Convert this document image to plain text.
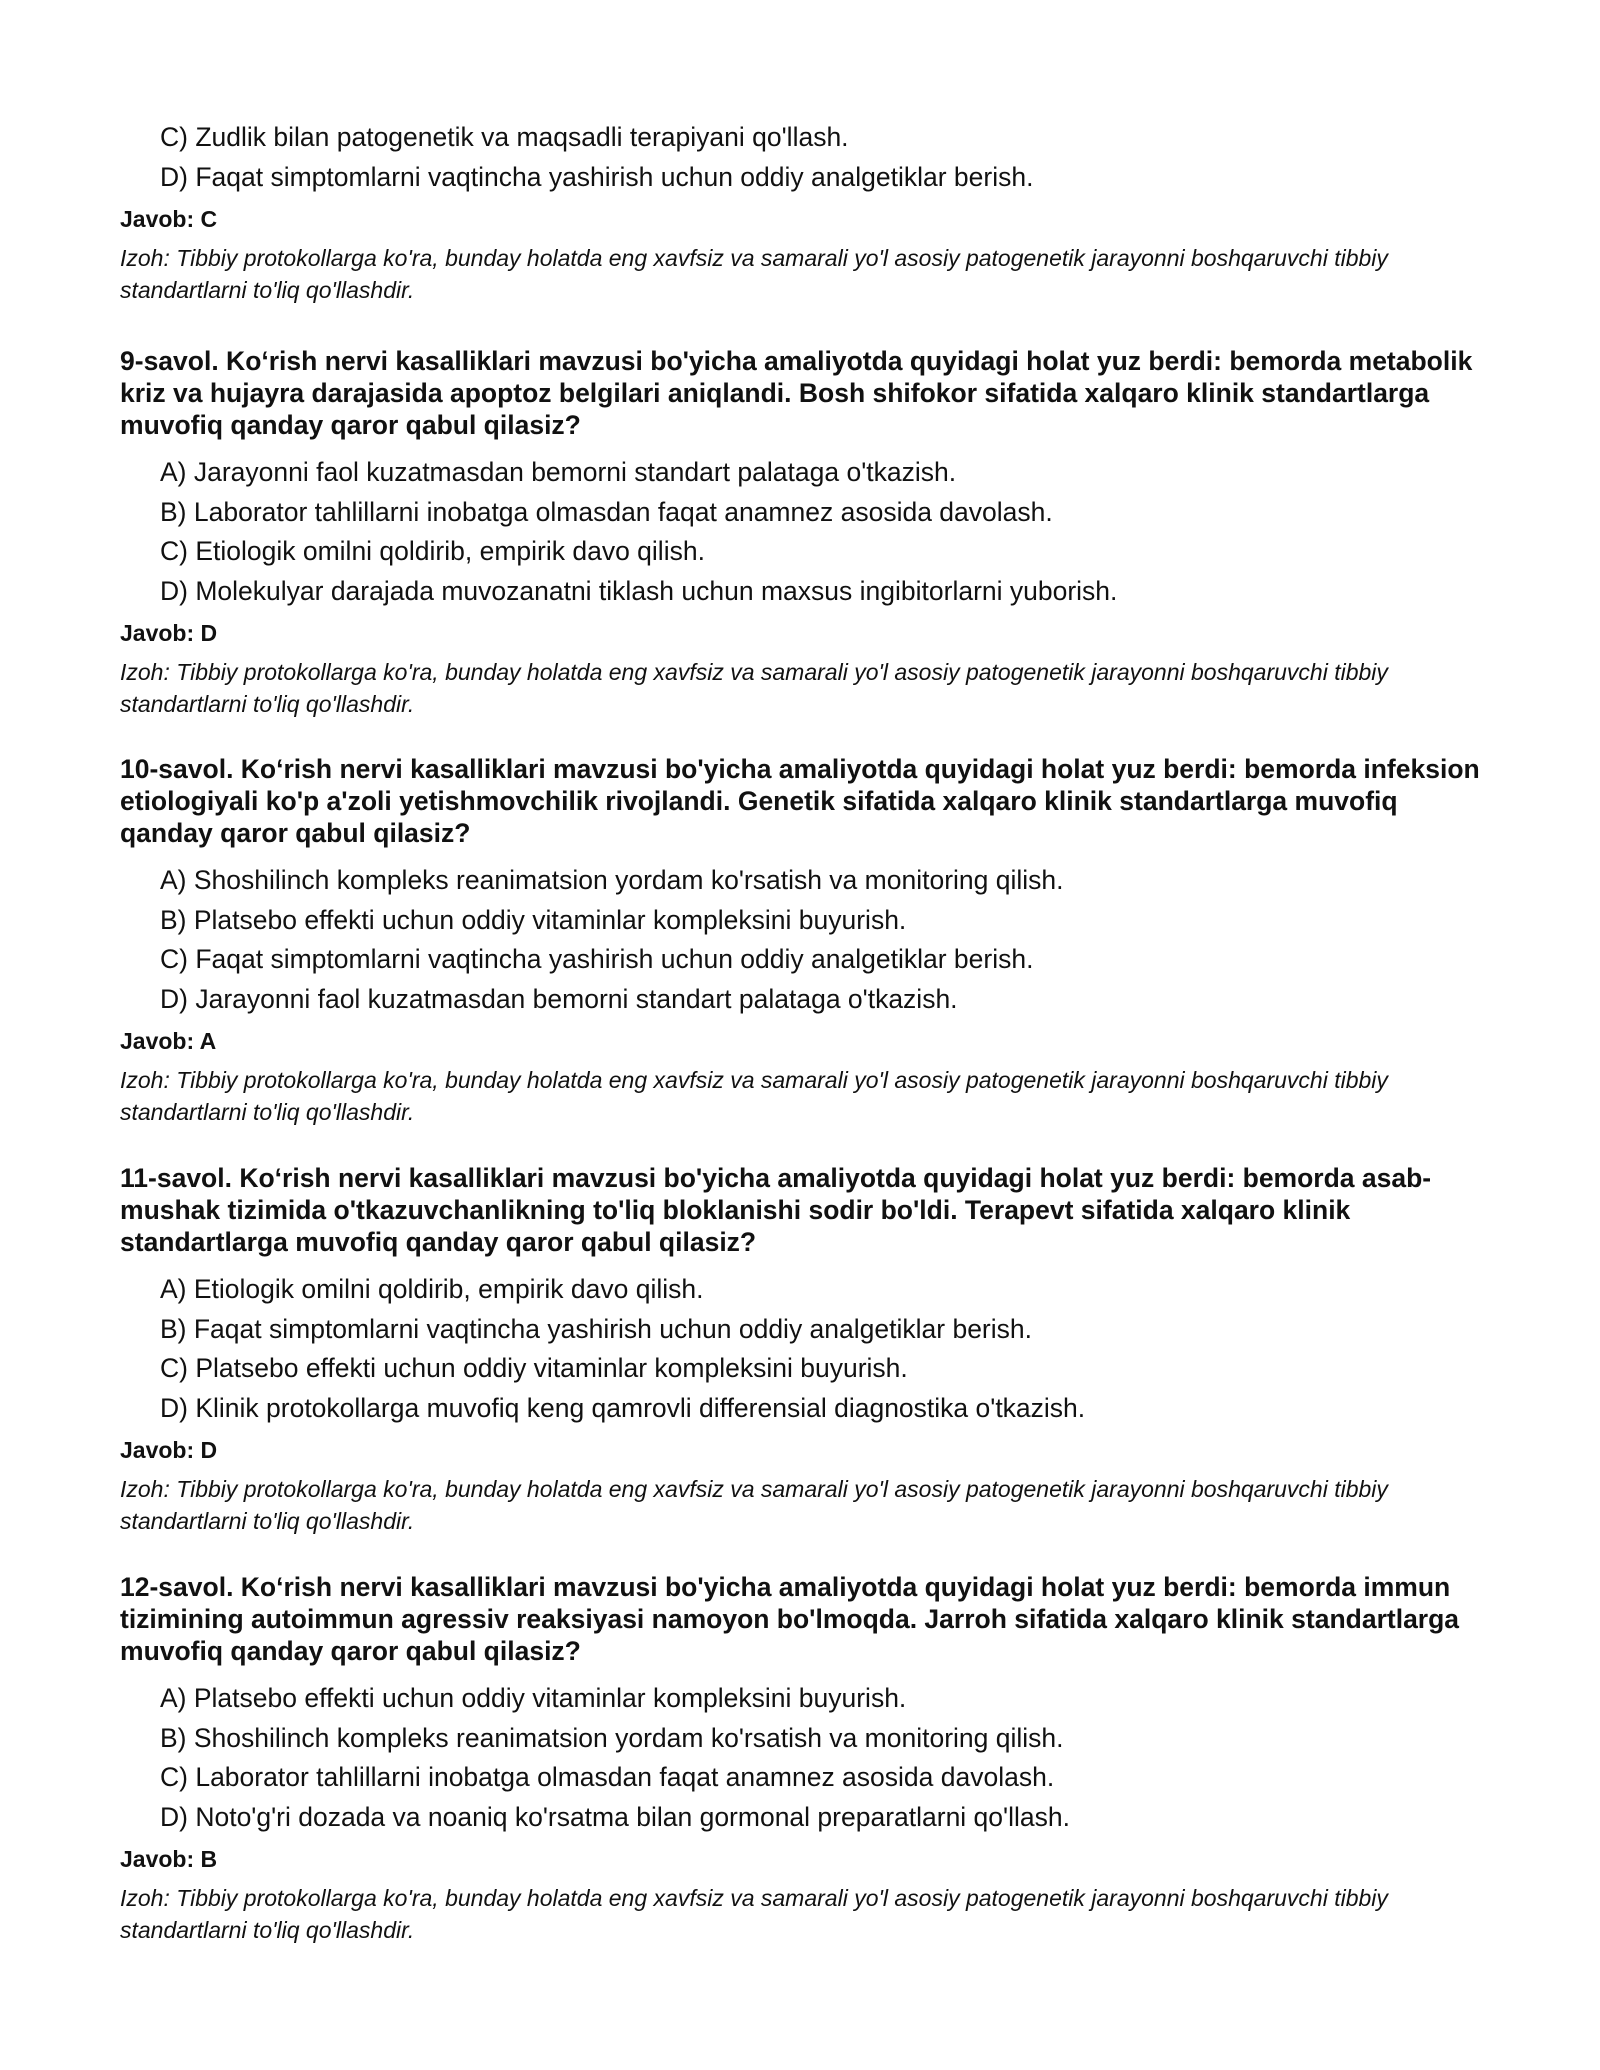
C) Zudlik bilan patogenetik va maqsadli terapiyani qo'llash.
D) Faqat simptomlarni vaqtincha yashirish uchun oddiy analgetiklar berish.
Javob: C
Izoh: Tibbiy protokollarga ko'ra, bunday holatda eng xavfsiz va samarali yo'l asosiy patogenetik jarayonni boshqaruvchi tibbiy standartlarni to'liq qo'llashdir.
9-savol. Ko‘rish nervi kasalliklari mavzusi bo'yicha amaliyotda quyidagi holat yuz berdi: bemorda metabolik kriz va hujayra darajasida apoptoz belgilari aniqlandi. Bosh shifokor sifatida xalqaro klinik standartlarga muvofiq qanday qaror qabul qilasiz?
A) Jarayonni faol kuzatmasdan bemorni standart palataga o'tkazish.
B) Laborator tahlillarni inobatga olmasdan faqat anamnez asosida davolash.
C) Etiologik omilni qoldirib, empirik davo qilish.
D) Molekulyar darajada muvozanatni tiklash uchun maxsus ingibitorlarni yuborish.
Javob: D
Izoh: Tibbiy protokollarga ko'ra, bunday holatda eng xavfsiz va samarali yo'l asosiy patogenetik jarayonni boshqaruvchi tibbiy standartlarni to'liq qo'llashdir.
10-savol. Ko‘rish nervi kasalliklari mavzusi bo'yicha amaliyotda quyidagi holat yuz berdi: bemorda infeksion etiologiyali ko'p a'zoli yetishmovchilik rivojlandi. Genetik sifatida xalqaro klinik standartlarga muvofiq qanday qaror qabul qilasiz?
A) Shoshilinch kompleks reanimatsion yordam ko'rsatish va monitoring qilish.
B) Platsebo effekti uchun oddiy vitaminlar kompleksini buyurish.
C) Faqat simptomlarni vaqtincha yashirish uchun oddiy analgetiklar berish.
D) Jarayonni faol kuzatmasdan bemorni standart palataga o'tkazish.
Javob: A
Izoh: Tibbiy protokollarga ko'ra, bunday holatda eng xavfsiz va samarali yo'l asosiy patogenetik jarayonni boshqaruvchi tibbiy standartlarni to'liq qo'llashdir.
11-savol. Ko‘rish nervi kasalliklari mavzusi bo'yicha amaliyotda quyidagi holat yuz berdi: bemorda asab-mushak tizimida o'tkazuvchanlikning to'liq bloklanishi sodir bo'ldi. Terapevt sifatida xalqaro klinik standartlarga muvofiq qanday qaror qabul qilasiz?
A) Etiologik omilni qoldirib, empirik davo qilish.
B) Faqat simptomlarni vaqtincha yashirish uchun oddiy analgetiklar berish.
C) Platsebo effekti uchun oddiy vitaminlar kompleksini buyurish.
D) Klinik protokollarga muvofiq keng qamrovli differensial diagnostika o'tkazish.
Javob: D
Izoh: Tibbiy protokollarga ko'ra, bunday holatda eng xavfsiz va samarali yo'l asosiy patogenetik jarayonni boshqaruvchi tibbiy standartlarni to'liq qo'llashdir.
12-savol. Ko‘rish nervi kasalliklari mavzusi bo'yicha amaliyotda quyidagi holat yuz berdi: bemorda immun tizimining autoimmun agressiv reaksiyasi namoyon bo'lmoqda. Jarroh sifatida xalqaro klinik standartlarga muvofiq qanday qaror qabul qilasiz?
A) Platsebo effekti uchun oddiy vitaminlar kompleksini buyurish.
B) Shoshilinch kompleks reanimatsion yordam ko'rsatish va monitoring qilish.
C) Laborator tahlillarni inobatga olmasdan faqat anamnez asosida davolash.
D) Noto'g'ri dozada va noaniq ko'rsatma bilan gormonal preparatlarni qo'llash.
Javob: B
Izoh: Tibbiy protokollarga ko'ra, bunday holatda eng xavfsiz va samarali yo'l asosiy patogenetik jarayonni boshqaruvchi tibbiy standartlarni to'liq qo'llashdir.
